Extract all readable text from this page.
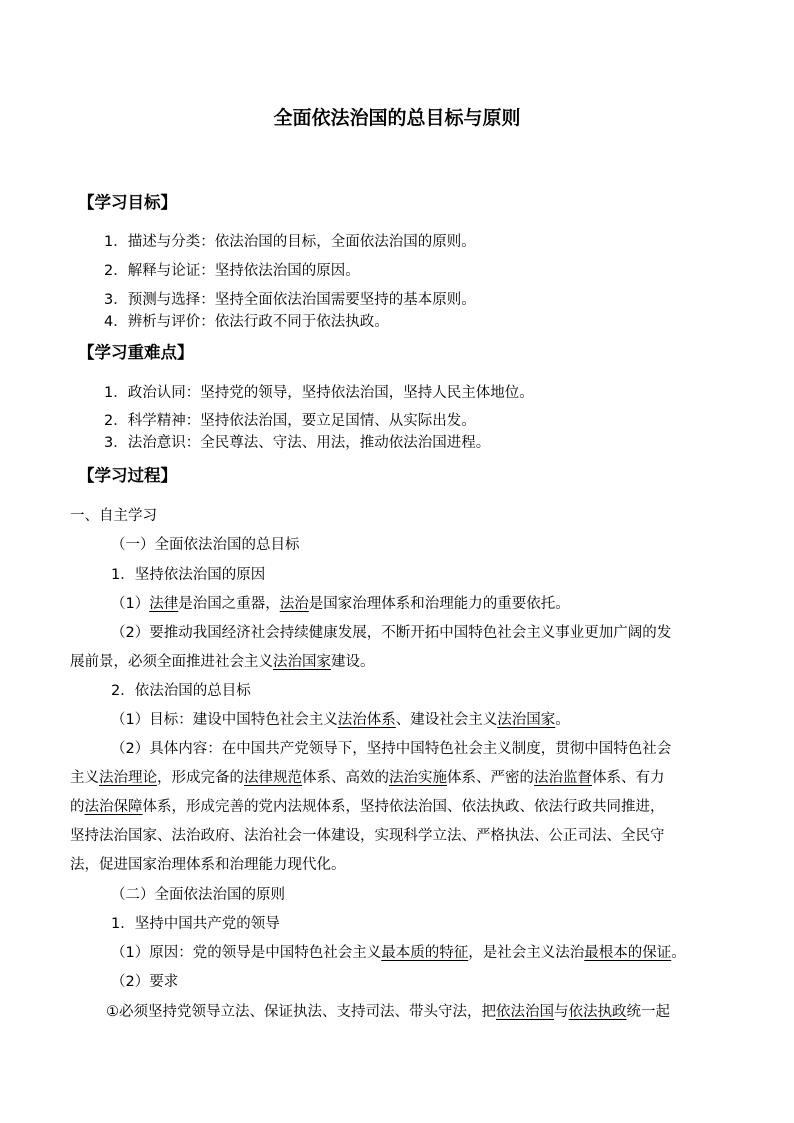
全面依法治国的总目标与原则
【学习目标】
1．描述与分类：依法治国的目标，全面依法治国的原则。
2．解释与论证：坚持依法治国的原因。
3．预测与选择：坚持全面依法治国需要坚持的基本原则。
4．辨析与评价：依法行政不同于依法执政。
【学习重难点】
1．政治认同：坚持党的领导，坚持依法治国，坚持人民主体地位。
2．科学精神：坚持依法治国，要立足国情、从实际出发。
3．法治意识：全民尊法、守法、用法，推动依法治国进程。
【学习过程】
一、自主学习
（一）全面依法治国的总目标
1．坚持依法治国的原因
（1）法律是治国之重器，法治是国家治理体系和治理能力的重要依托。
（2）要推动我国经济社会持续健康发展，不断开拓中国特色社会主义事业更加广阔的发
展前景，必须全面推进社会主义法治国家建设。
2．依法治国的总目标
（1）目标：建设中国特色社会主义法治体系、建设社会主义法治国家。
（2）具体内容：在中国共产党领导下，坚持中国特色社会主义制度，贯彻中国特色社会
主义法治理论，形成完备的法律规范体系、高效的法治实施体系、严密的法治监督体系、有力
的法治保障体系，形成完善的党内法规体系，坚持依法治国、依法执政、依法行政共同推进，
坚持法治国家、法治政府、法治社会一体建设，实现科学立法、严格执法、公正司法、全民守
法，促进国家治理体系和治理能力现代化。
（二）全面依法治国的原则
1．坚持中国共产党的领导
（1）原因：党的领导是中国特色社会主义最本质的特征，是社会主义法治最根本的保证。
（2）要求
①必须坚持党领导立法、保证执法、支持司法、带头守法，把依法治国与依法执政统一起
